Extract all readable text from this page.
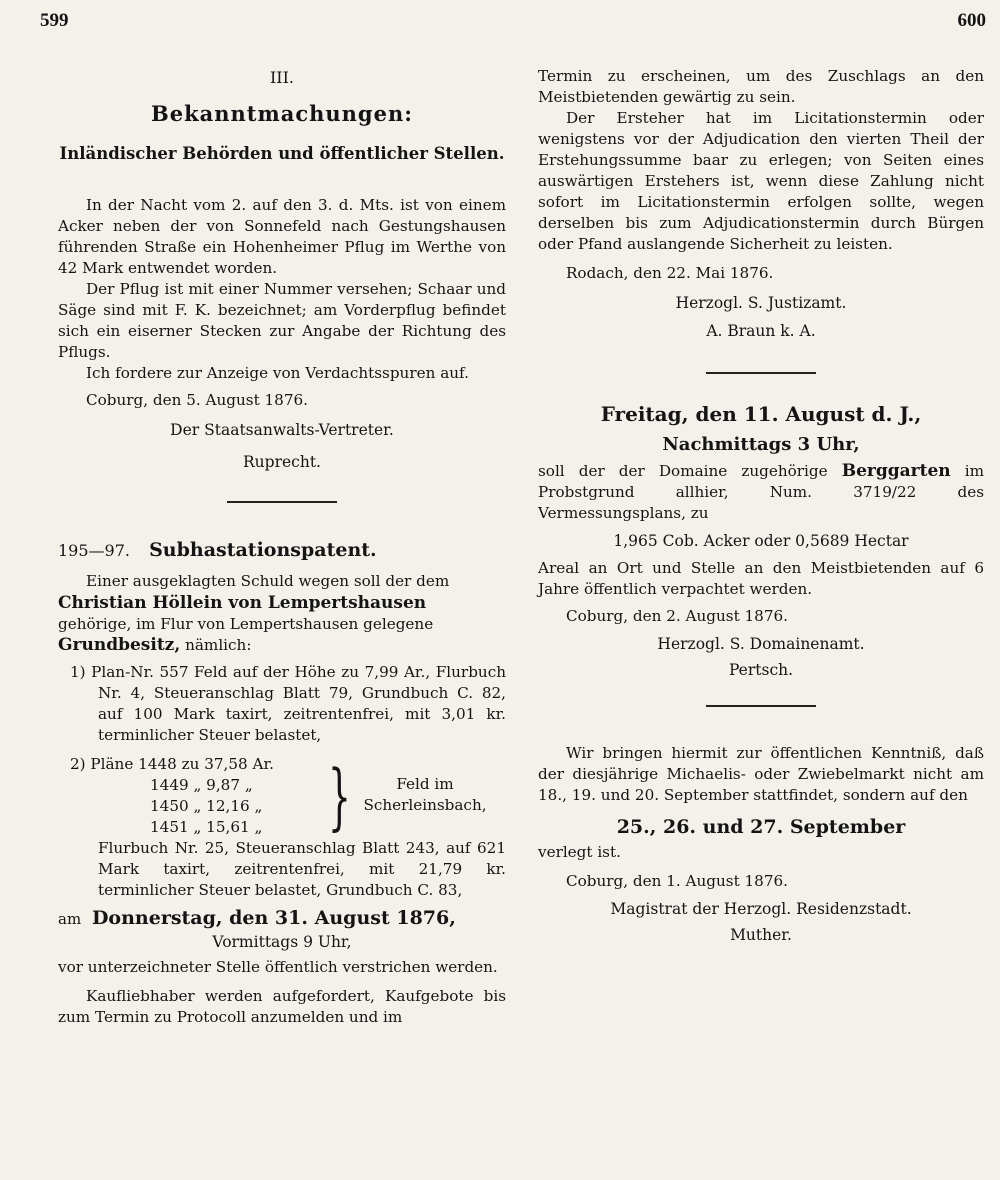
599	600

III.

Bekanntmachungen:

Inländischer Behörden und öffentlicher Stellen.

In der Nacht vom 2. auf den 3. d. Mts. ist von einem Acker neben der von Sonnefeld nach Gestungshausen führenden Straße ein Hohenheimer Pflug im Werthe von 42 Mark entwendet worden.

Der Pflug ist mit einer Nummer versehen; Schaar und Säge sind mit F. K. bezeichnet; am Vorderpflug befindet sich ein eiserner Stecken zur Angabe der Richtung des Pflugs.

Ich fordere zur Anzeige von Verdachtsspuren auf.

Coburg, den 5. August 1876.

Der Staatsanwalts-Vertreter.

Ruprecht.

195—97. Subhastationspatent.

Einer ausgeklagten Schuld wegen soll der dem

Christian Höllein von Lempertshausen

gehörige, im Flur von Lempertshausen gelegene

Grundbesitz, nämlich:

1) Plan-Nr. 557 Feld auf der Höhe zu 7,99 Ar., Flurbuch Nr. 4, Steueranschlag Blatt 79, Grundbuch C. 82, auf 100 Mark taxirt, zeitrentenfrei, mit 3,01 kr. terminlicher Steuer belastet,

2) Pläne 1448 zu 37,58 Ar.
1449 „ 9,87 „
1450 „ 12,16 „
1451 „ 15,61 „ }	Feld im Scherleinsbach,

Flurbuch Nr. 25, Steueranschlag Blatt 243, auf 621 Mark taxirt, zeitrentenfrei, mit 21,79 kr. terminlicher Steuer belastet, Grundbuch C. 83,

am Donnerstag, den 31. August 1876,

Vormittags 9 Uhr,

vor unterzeichneter Stelle öffentlich verstrichen werden.

Kaufliebhaber werden aufgefordert, Kaufgebote bis zum Termin zu Protocoll anzumelden und im

Termin zu erscheinen, um des Zuschlags an den Meistbietenden gewärtig zu sein.

Der Ersteher hat im Licitationstermin oder wenigstens vor der Adjudication den vierten Theil der Erstehungssumme baar zu erlegen; von Seiten eines auswärtigen Erstehers ist, wenn diese Zahlung nicht sofort im Licitationstermin erfolgen sollte, wegen derselben bis zum Adjudicationstermin durch Bürgen oder Pfand auslangende Sicherheit zu leisten.

Rodach, den 22. Mai 1876.

Herzogl. S. Justizamt.

A. Braun k. A.

Freitag, den 11. August d. J.,

Nachmittags 3 Uhr,

soll der der Domaine zugehörige Berggarten im Probstgrund allhier, Num. 3719/22 des Vermessungsplans, zu

1,965 Cob. Acker oder 0,5689 Hectar

Areal an Ort und Stelle an den Meistbietenden auf 6 Jahre öffentlich verpachtet werden.

Coburg, den 2. August 1876.

Herzogl. S. Domainenamt.

Pertsch.

Wir bringen hiermit zur öffentlichen Kenntniß, daß der diesjährige Michaelis- oder Zwiebelmarkt nicht am 18., 19. und 20. September stattfindet, sondern auf den

25., 26. und 27. September

verlegt ist.

Coburg, den 1. August 1876.

Magistrat der Herzogl. Residenzstadt.

Muther.
